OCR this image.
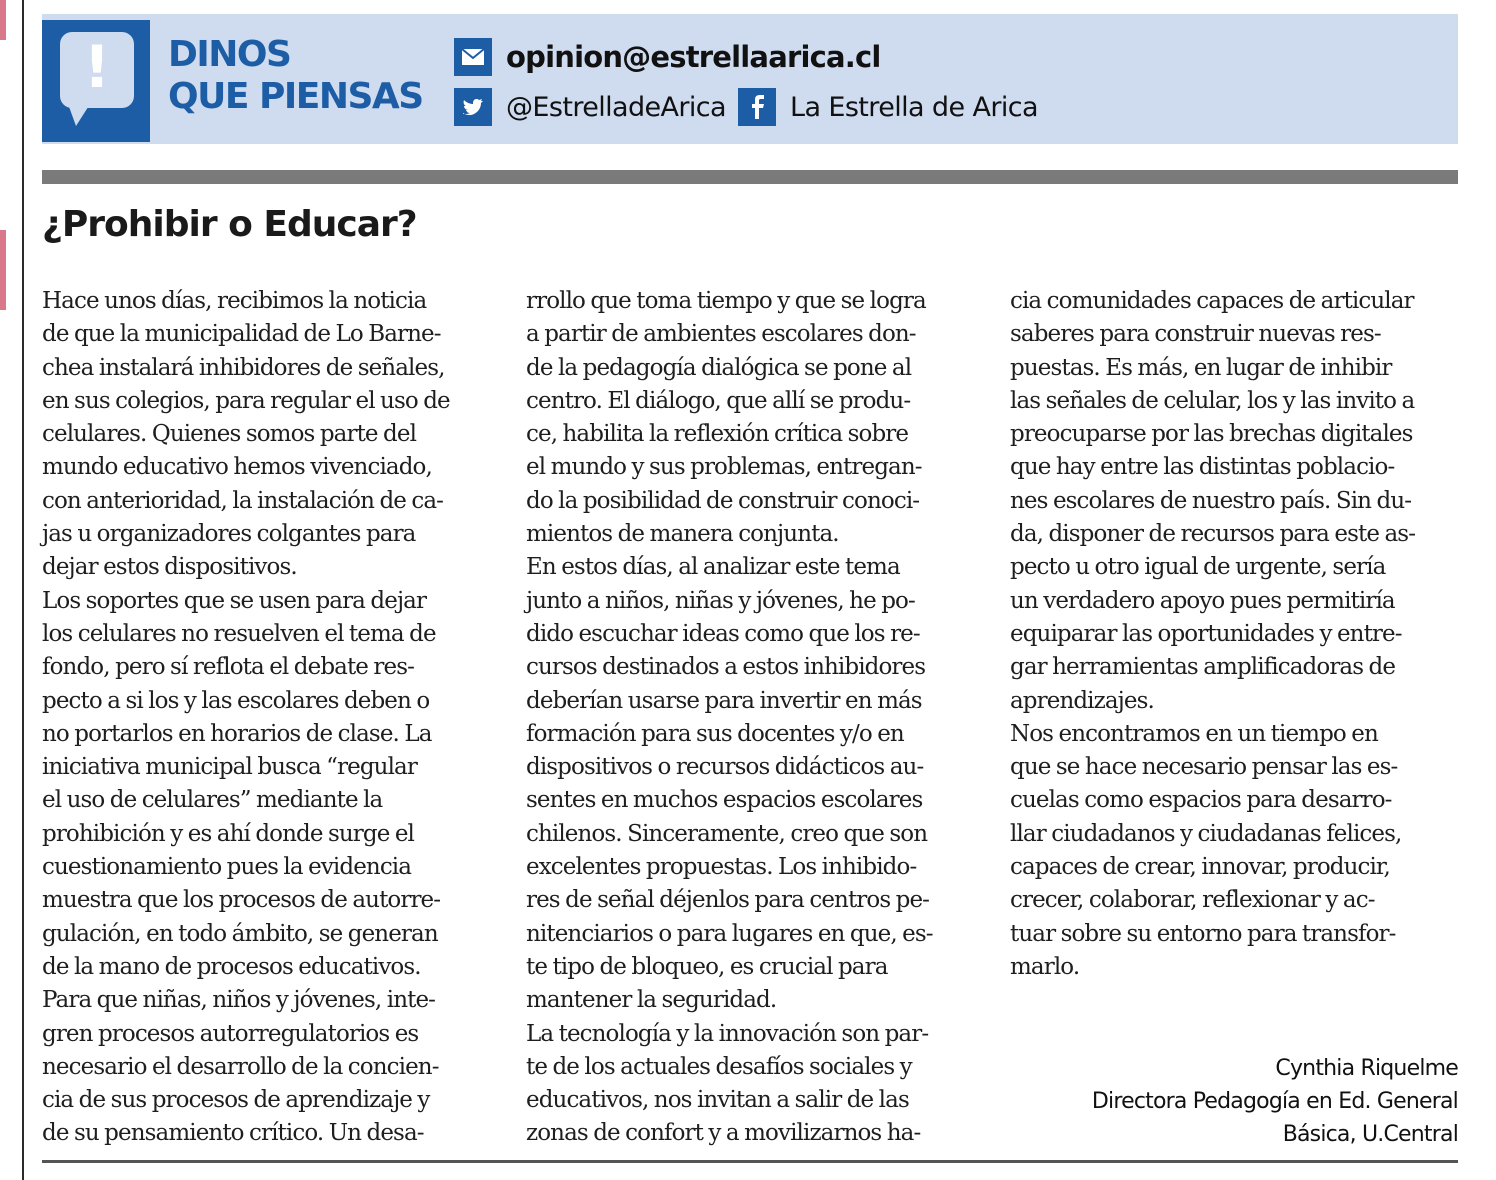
!	DINOS
QUE PIENSAS
opinion@estrellaarica.cl
@EstrelladeArica La Estrella de Arica
¿Prohibir o Educar?
Hace unos días, recibimos la noticia
de que la municipalidad de Lo Barne-
chea instalará inhibidores de señales,
en sus colegios, para regular el uso de
celulares. Quienes somos parte del
mundo educativo hemos vivenciado,
con anterioridad, la instalación de ca-
jas u organizadores colgantes para
dejar estos dispositivos.
Los soportes que se usen para dejar
los celulares no resuelven el tema de
fondo, pero sí reflota el debate res-
pecto a si los y las escolares deben o
no portarlos en horarios de clase. La
iniciativa municipal busca “regular
el uso de celulares” mediante la
prohibición y es ahí donde surge el
cuestionamiento pues la evidencia
muestra que los procesos de autorre-
gulación, en todo ámbito, se generan
de la mano de procesos educativos.
Para que niñas, niños y jóvenes, inte-
gren procesos autorregulatorios es
necesario el desarrollo de la concien-
cia de sus procesos de aprendizaje y
de su pensamiento crítico. Un desa-
rrollo que toma tiempo y que se logra
a partir de ambientes escolares don-
de la pedagogía dialógica se pone al
centro. El diálogo, que allí se produ-
ce, habilita la reflexión crítica sobre
el mundo y sus problemas, entregan-
do la posibilidad de construir conoci-
mientos de manera conjunta.
En estos días, al analizar este tema
junto a niños, niñas y jóvenes, he po-
dido escuchar ideas como que los re-
cursos destinados a estos inhibidores
deberían usarse para invertir en más
formación para sus docentes y/o en
dispositivos o recursos didácticos au-
sentes en muchos espacios escolares
chilenos. Sinceramente, creo que son
excelentes propuestas. Los inhibido-
res de señal déjenlos para centros pe-
nitenciarios o para lugares en que, es-
te tipo de bloqueo, es crucial para
mantener la seguridad.
La tecnología y la innovación son par-
te de los actuales desafíos sociales y
educativos, nos invitan a salir de las
zonas de confort y a movilizarnos ha-
cia comunidades capaces de articular
saberes para construir nuevas res-
puestas. Es más, en lugar de inhibir
las señales de celular, los y las invito a
preocuparse por las brechas digitales
que hay entre las distintas poblacio-
nes escolares de nuestro país. Sin du-
da, disponer de recursos para este as-
pecto u otro igual de urgente, sería
un verdadero apoyo pues permitiría
equiparar las oportunidades y entre-
gar herramientas amplificadoras de
aprendizajes.
Nos encontramos en un tiempo en
que se hace necesario pensar las es-
cuelas como espacios para desarro-
llar ciudadanos y ciudadanas felices,
capaces de crear, innovar, producir,
crecer, colaborar, reflexionar y ac-
tuar sobre su entorno para transfor-
marlo.
Cynthia Riquelme
Directora Pedagogía en Ed. General
Básica, U.Central
